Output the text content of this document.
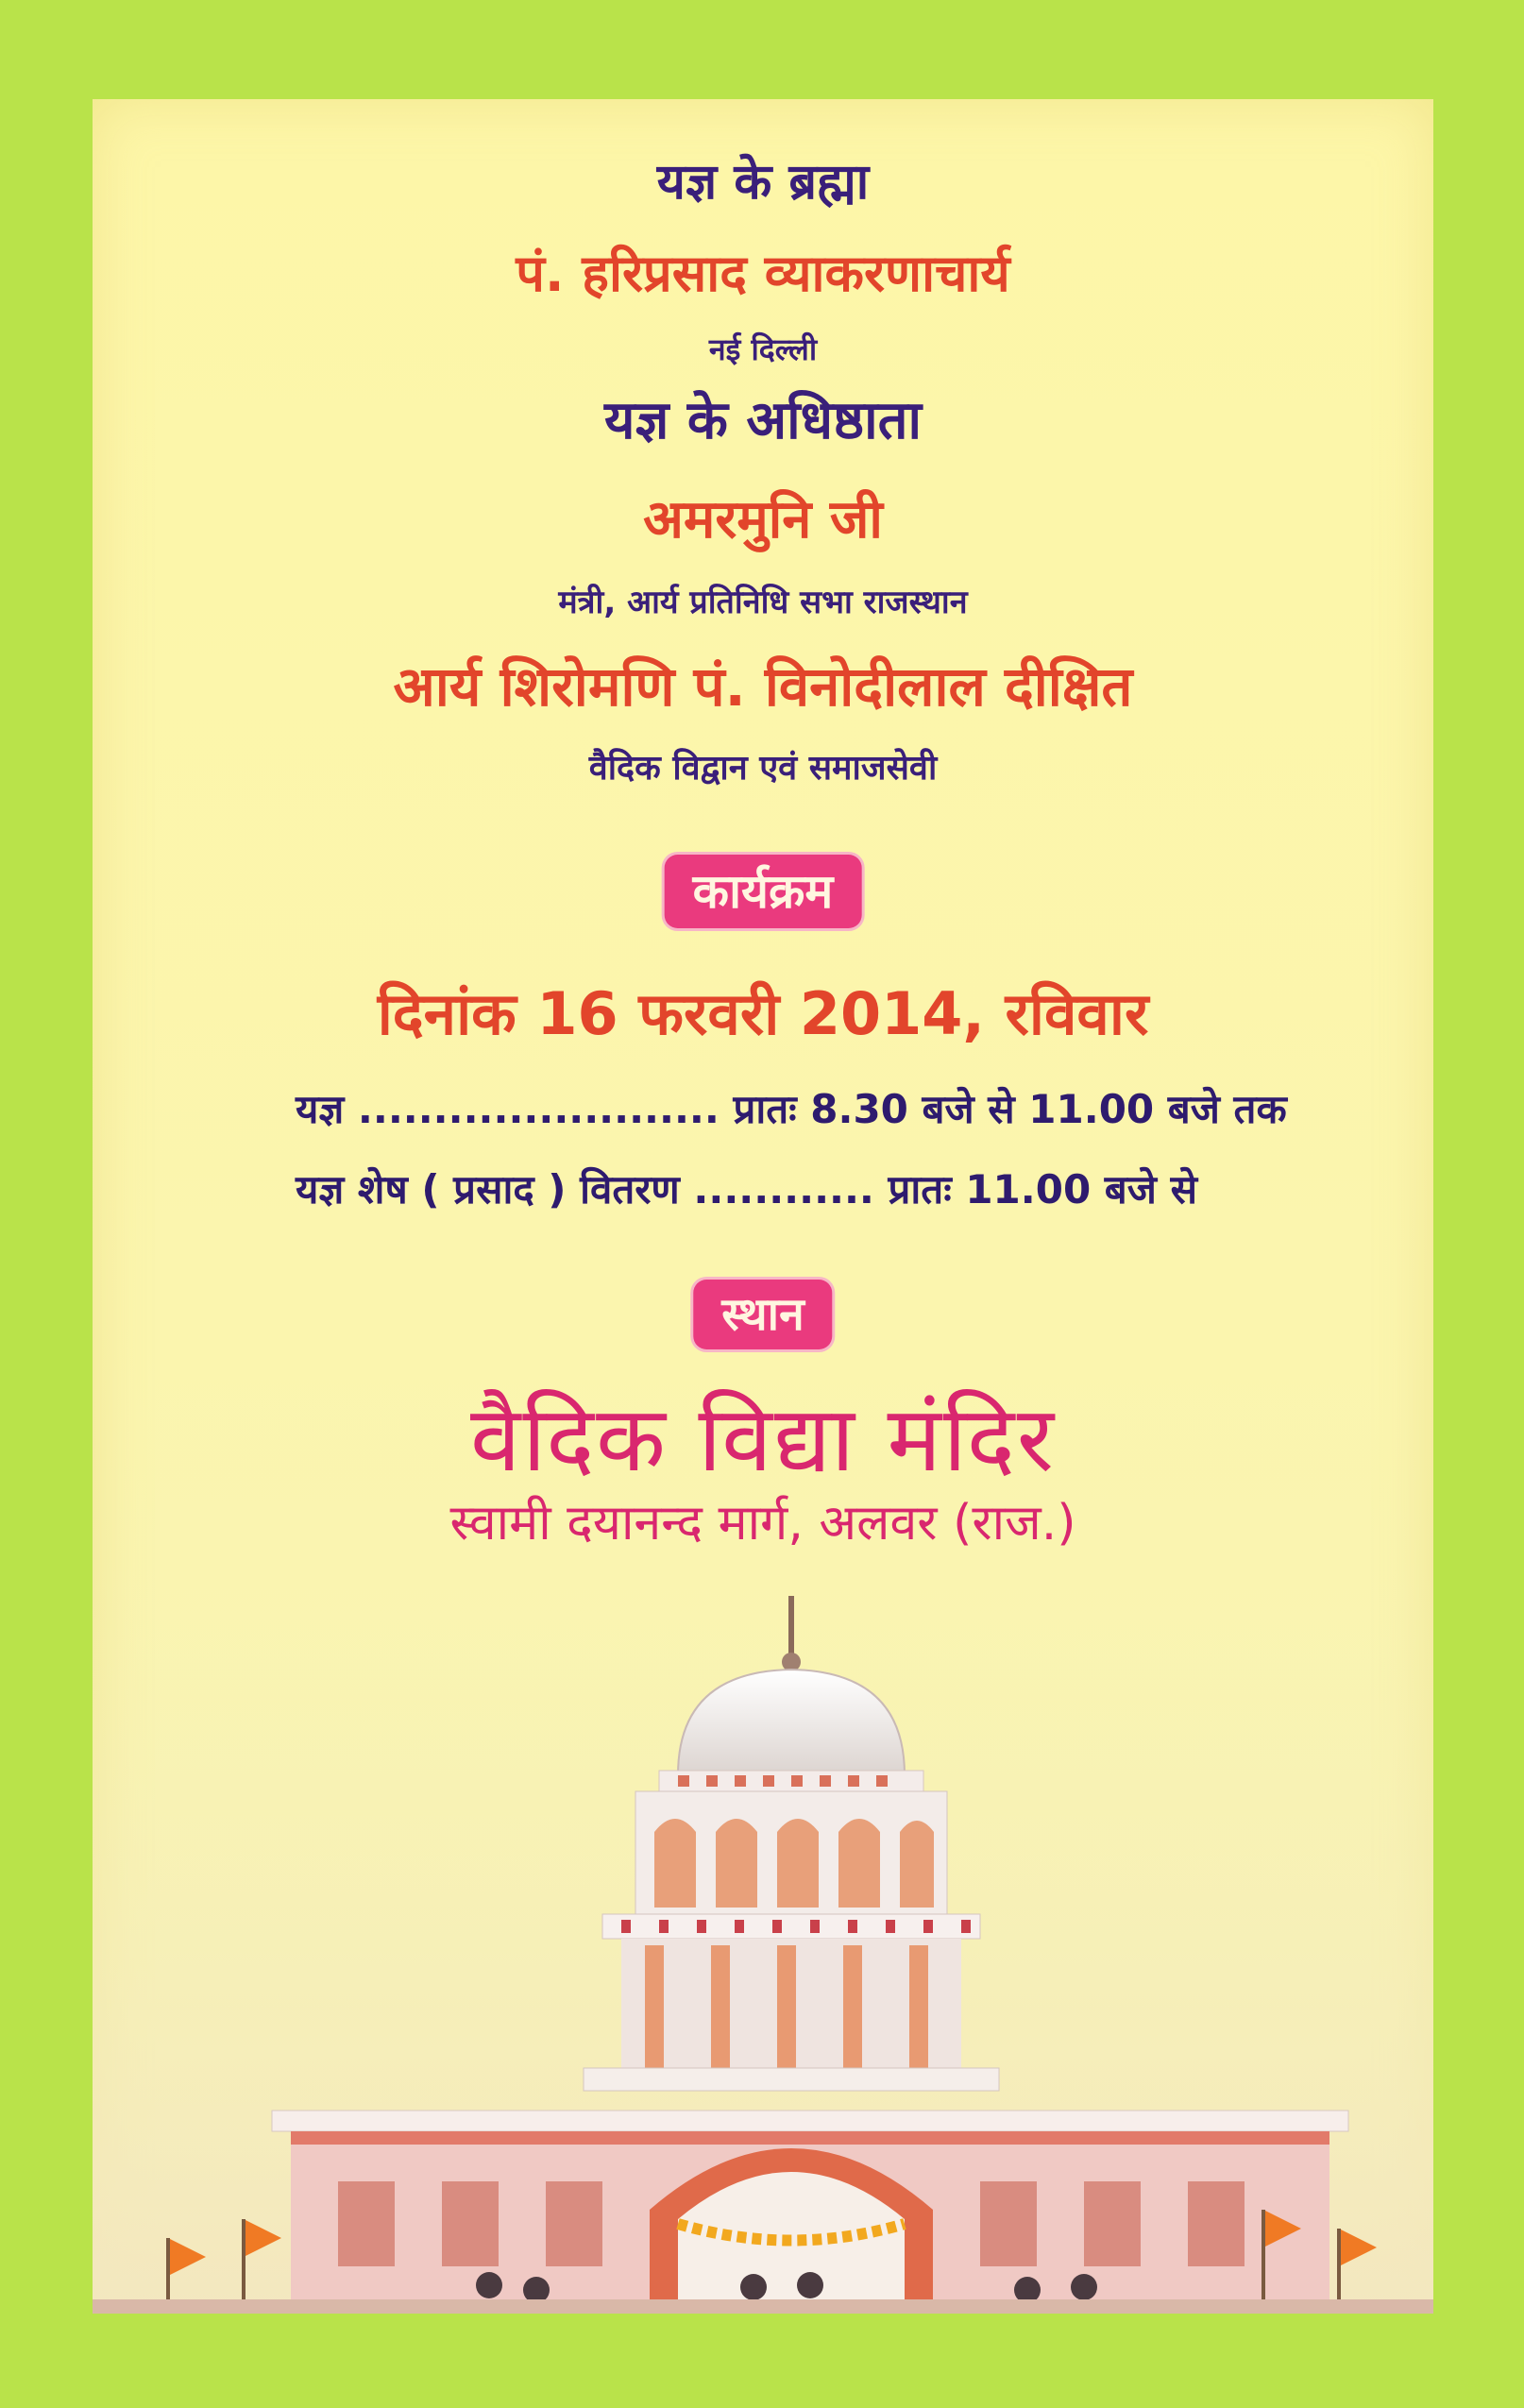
यज्ञ के ब्रह्मा
पं. हरिप्रसाद व्याकरणाचार्य
नई दिल्ली
यज्ञ के अधिष्ठाता
अमरमुनि जी
मंत्री, आर्य प्रतिनिधि सभा राजस्थान
आर्य शिरोमणि पं. विनोदीलाल दीक्षित
वैदिक विद्वान एवं समाजसेवी
कार्यक्रम
दिनांक 16 फरवरी 2014, रविवार
यज्ञ ........................ प्रातः 8.30 बजे से 11.00 बजे तक
यज्ञ शेष ( प्रसाद ) वितरण ............ प्रातः 11.00 बजे से
स्थान
वैदिक विद्या मंदिर
स्वामी दयानन्द मार्ग, अलवर (राज.)
